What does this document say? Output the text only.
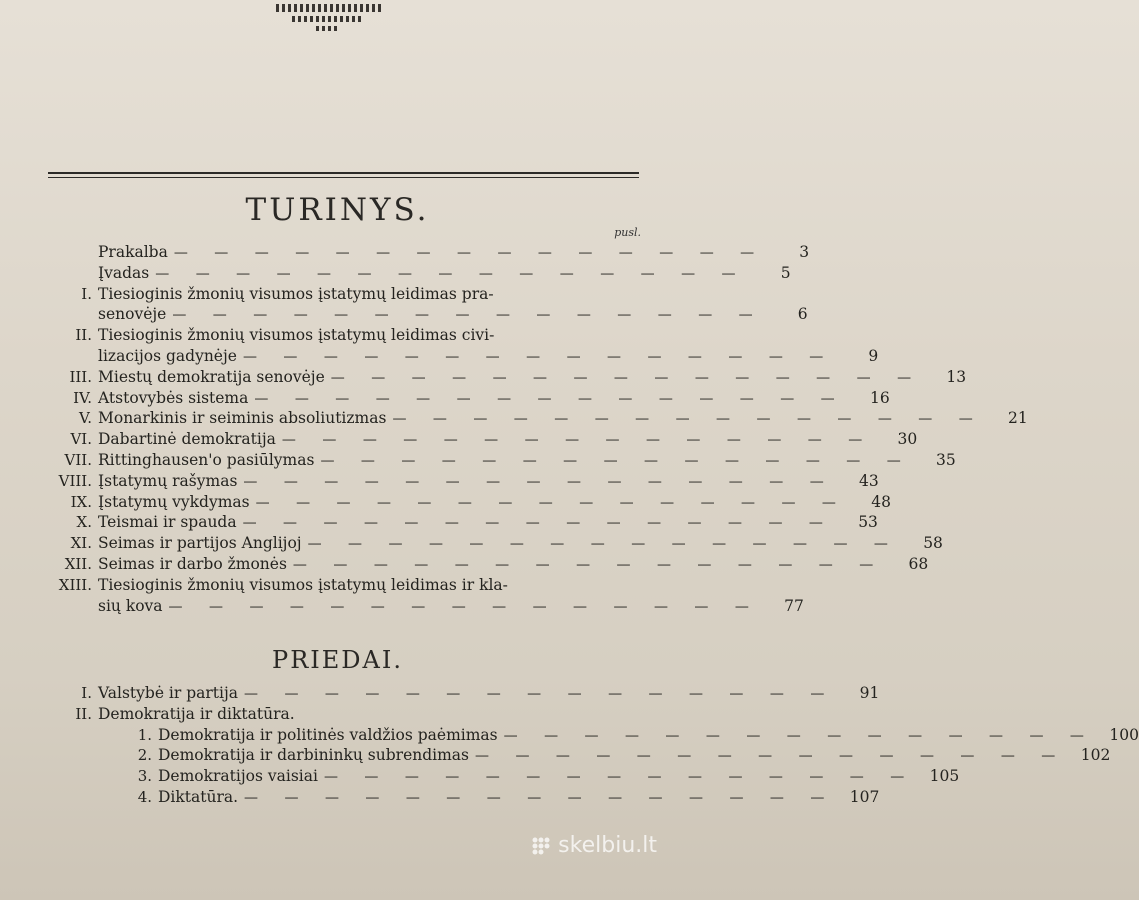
TURINYS.
pusl.
Prakalba — — — — — — — — — — — — — — —	3
Įvadas — — — — — — — — — — — — — — —	5
I. Tiesioginis žmonių visumos įstatymų leidimas pra-
senovėje — — — — — — — — — — — — — — —	6
II. Tiesioginis žmonių visumos įstatymų leidimas civi-
lizacijos gadynėje — — — — — — — — — — — — — — —	9
III. Miestų demokratija senovėje — — — — — — — — — — — — — — —	13
IV. Atstovybės sistema — — — — — — — — — — — — — — —	16
V. Monarkinis ir seiminis absoliutizmas — — — — — — — — — — — — — — —	21
VI. Dabartinė demokratija — — — — — — — — — — — — — — —	30
VII. Rittinghausen'o pasiūlymas — — — — — — — — — — — — — — —	35
VIII. Įstatymų rašymas — — — — — — — — — — — — — — —	43
IX. Įstatymų vykdymas — — — — — — — — — — — — — — —	48
X. Teismai ir spauda — — — — — — — — — — — — — — —	53
XI. Seimas ir partijos Anglijoj — — — — — — — — — — — — — — —	58
XII. Seimas ir darbo žmonės — — — — — — — — — — — — — — —	68
XIII. Tiesioginis žmonių visumos įstatymų leidimas ir kla-
sių kova — — — — — — — — — — — — — — —	77
PRIEDAI.
I. Valstybė ir partija — — — — — — — — — — — — — — —	91
II. Demokratija ir diktatūra.
1. Demokratija ir politinės valdžios paėmimas — — — — — — — — — — — — — — — 100
2. Demokratija ir darbininkų subrendimas — — — — — — — — — — — — — — — 102
3. Demokratijos vaisiai — — — — — — — — — — — — — — — 105
4. Diktatūra. — — — — — — — — — — — — — — — 107
skelbiu.lt
